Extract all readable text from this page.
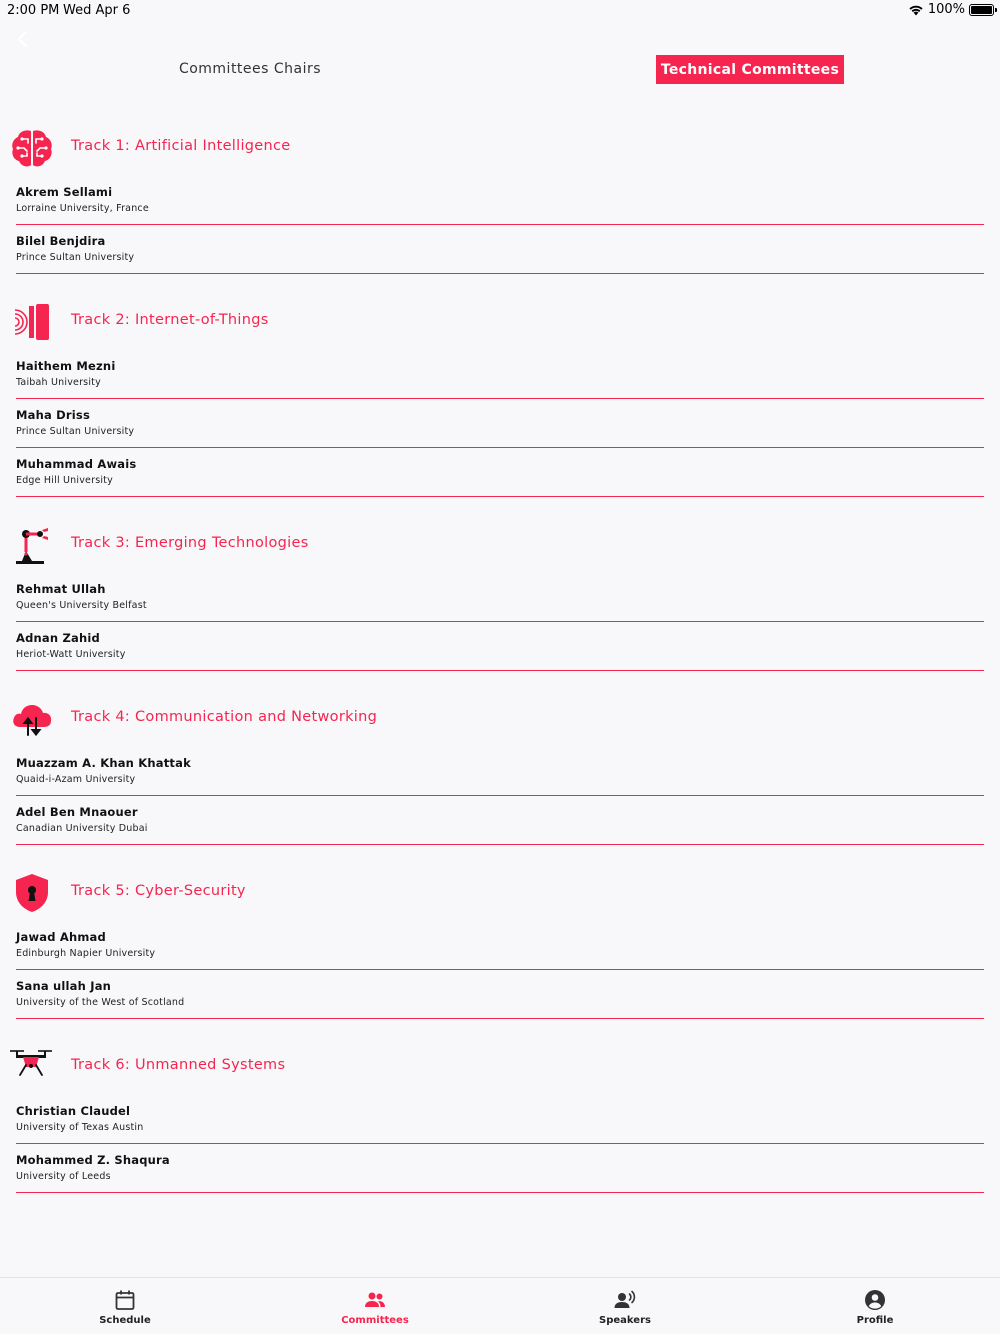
2:00 PM Wed Apr 6	100%
Committees Chairs	Technical Committees
Track 1: Artificial Intelligence
Akrem Sellami
Lorraine University, France
Bilel Benjdira
Prince Sultan University
Track 2: Internet-of-Things
Haithem Mezni
Taibah University
Maha Driss
Prince Sultan University
Muhammad Awais
Edge Hill University
Track 3: Emerging Technologies
Rehmat Ullah
Queen's University Belfast
Adnan Zahid
Heriot-Watt University
Track 4: Communication and Networking
Muazzam A. Khan Khattak
Quaid-i-Azam University
Adel Ben Mnaouer
Canadian University Dubai
Track 5: Cyber-Security
Jawad Ahmad
Edinburgh Napier University
Sana ullah Jan
University of the West of Scotland
Track 6: Unmanned Systems
Christian Claudel
University of Texas Austin
Mohammed Z. Shaqura
University of Leeds
Schedule	Committees	Speakers	Profile
